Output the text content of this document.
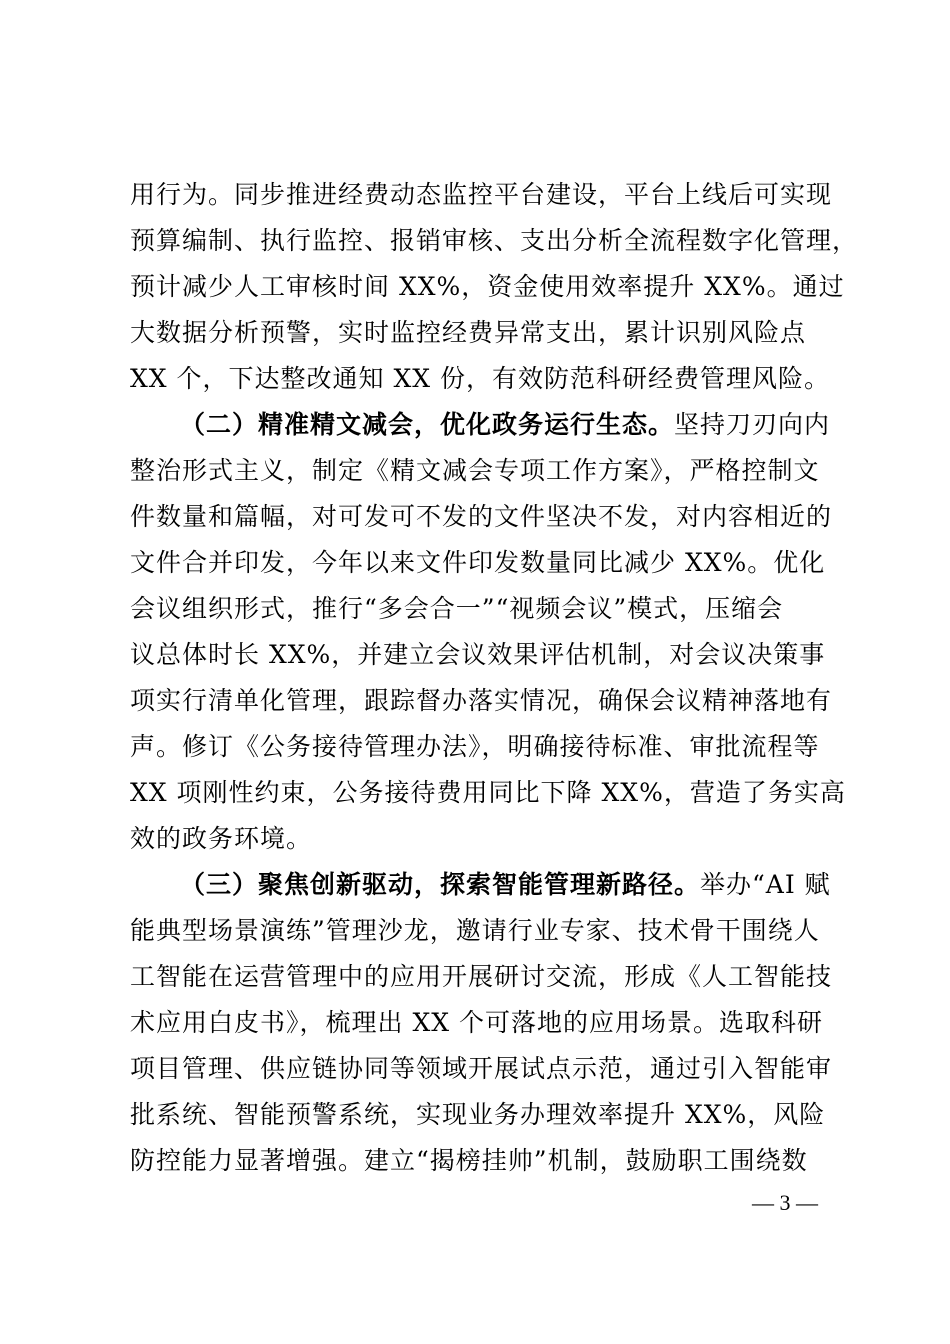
用行为。同步推进经费动态监控平台建设，平台上线后可实现
预算编制、执行监控、报销审核、支出分析全流程数字化管理，
预计减少人工审核时间 XX%，资金使用效率提升 XX%。通过
大数据分析预警，实时监控经费异常支出，累计识别风险点
XX 个，下达整改通知 XX 份，有效防范科研经费管理风险。
（二）精准精文减会，优化政务运行生态。坚持刀刃向内
整治形式主义，制定《精文减会专项工作方案》，严格控制文
件数量和篇幅，对可发可不发的文件坚决不发，对内容相近的
文件合并印发，今年以来文件印发数量同比减少 XX%。优化
会议组织形式，推行“多会合一”“视频会议”模式，压缩会
议总体时长 XX%，并建立会议效果评估机制，对会议决策事
项实行清单化管理，跟踪督办落实情况，确保会议精神落地有
声。修订《公务接待管理办法》，明确接待标准、审批流程等
XX 项刚性约束，公务接待费用同比下降 XX%，营造了务实高
效的政务环境。
（三）聚焦创新驱动，探索智能管理新路径。举办“AI 赋
能典型场景演练”管理沙龙，邀请行业专家、技术骨干围绕人
工智能在运营管理中的应用开展研讨交流，形成《人工智能技
术应用白皮书》，梳理出 XX 个可落地的应用场景。选取科研
项目管理、供应链协同等领域开展试点示范，通过引入智能审
批系统、智能预警系统，实现业务办理效率提升 XX%，风险
防控能力显著增强。建立“揭榜挂帅”机制，鼓励职工围绕数
— 3 —
